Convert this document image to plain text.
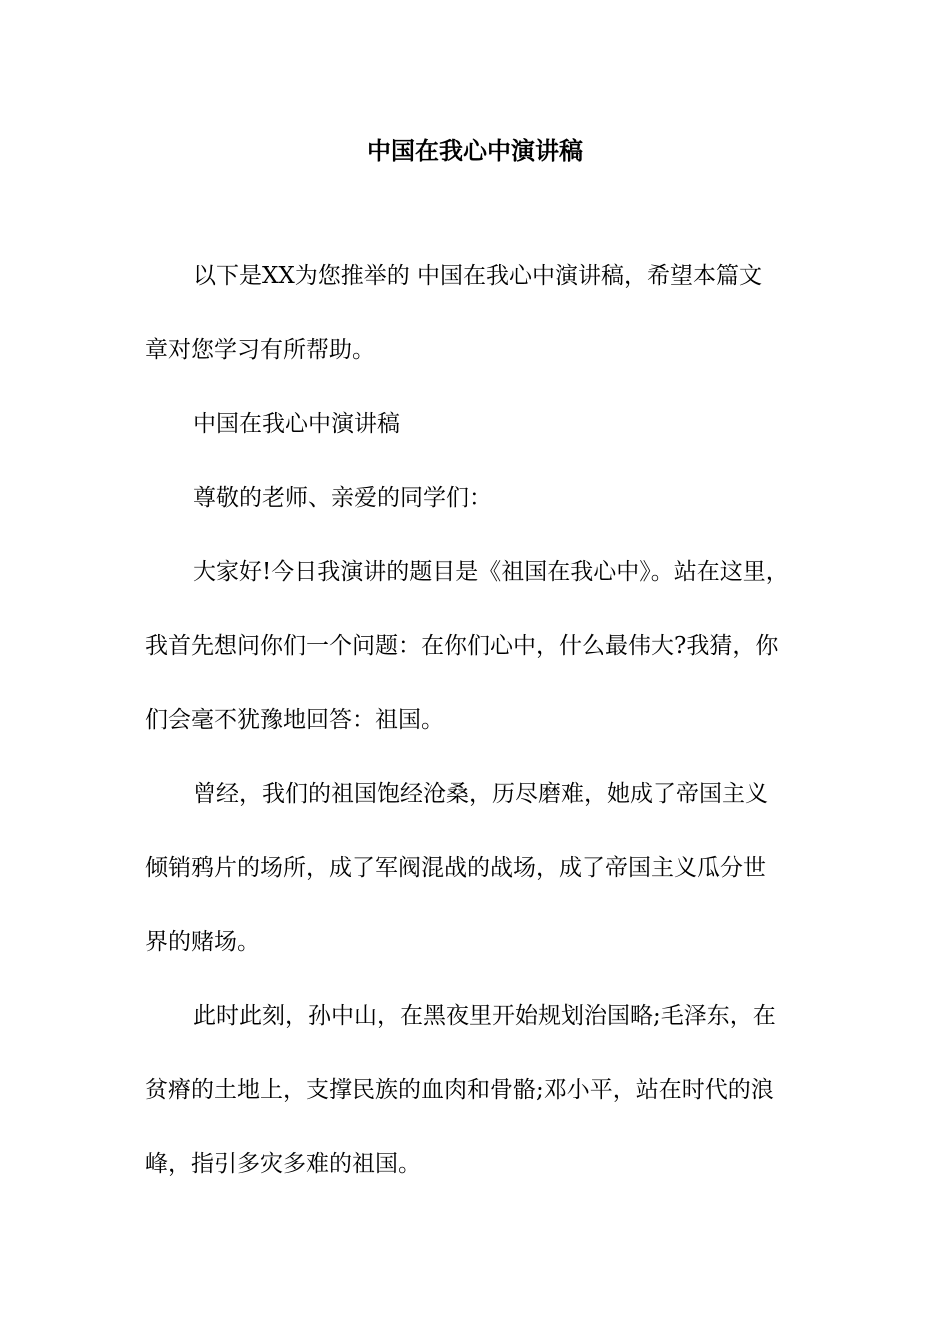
中国在我心中演讲稿
以下是XX为您推举的 中国在我心中演讲稿，希望本篇文
章对您学习有所帮助。
中国在我心中演讲稿
尊敬的老师、亲爱的同学们：
大家好!今日我演讲的题目是《祖国在我心中》。站在这里，
我首先想问你们一个问题：在你们心中，什么最伟大?我猜，你
们会毫不犹豫地回答：祖国。
曾经，我们的祖国饱经沧桑，历尽磨难，她成了帝国主义
倾销鸦片的场所，成了军阀混战的战场，成了帝国主义瓜分世
界的赌场。
此时此刻，孙中山，在黑夜里开始规划治国略;毛泽东，在
贫瘠的土地上，支撑民族的血肉和骨骼;邓小平，站在时代的浪
峰，指引多灾多难的祖国。
